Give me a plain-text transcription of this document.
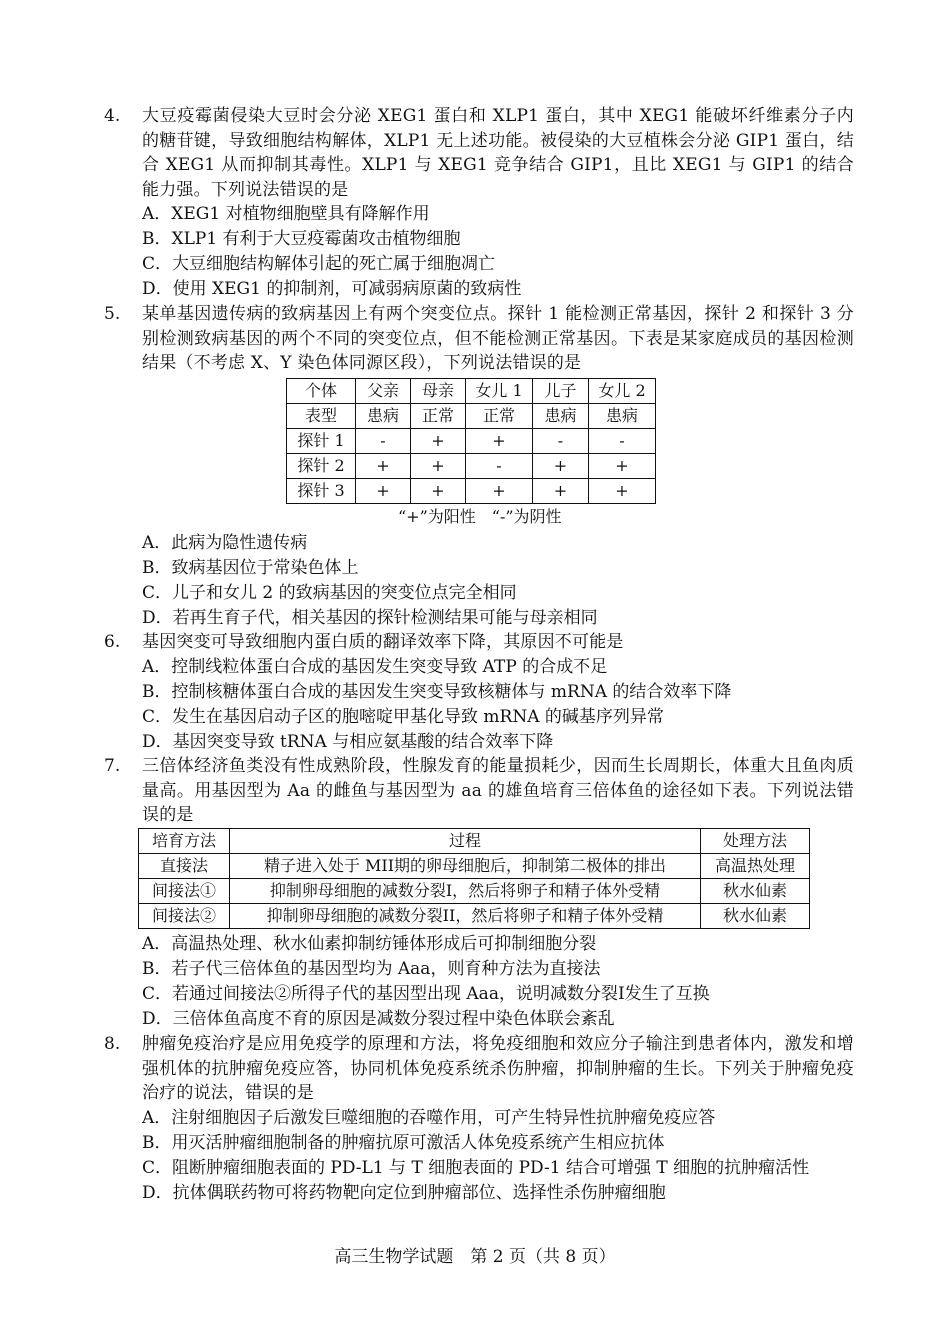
4. 大豆疫霉菌侵染大豆时会分泌 XEG1 蛋白和 XLP1 蛋白，其中 XEG1 能破坏纤维素分子内的糖苷键，导致细胞结构解体，XLP1 无上述功能。被侵染的大豆植株会分泌 GIP1 蛋白，结合 XEG1 从而抑制其毒性。XLP1 与 XEG1 竞争结合 GIP1，且比 XEG1 与 GIP1 的结合能力强。下列说法错误的是
A．XEG1 对植物细胞壁具有降解作用
B．XLP1 有利于大豆疫霉菌攻击植物细胞
C．大豆细胞结构解体引起的死亡属于细胞凋亡
D．使用 XEG1 的抑制剂，可减弱病原菌的致病性
5. 某单基因遗传病的致病基因上有两个突变位点。探针 1 能检测正常基因，探针 2 和探针 3 分别检测致病基因的两个不同的突变位点，但不能检测正常基因。下表是某家庭成员的基因检测结果（不考虑 X、Y 染色体同源区段），下列说法错误的是
个体	父亲	母亲	女儿 1	儿子	女儿 2
表型	患病	正常	正常	患病	患病
探针 1	-	+	+	-	-
探针 2	+	+	-	+	+
探针 3	+	+	+	+	+
“+”为阳性　“-”为阴性
A．此病为隐性遗传病
B．致病基因位于常染色体上
C．儿子和女儿 2 的致病基因的突变位点完全相同
D．若再生育子代，相关基因的探针检测结果可能与母亲相同
6. 基因突变可导致细胞内蛋白质的翻译效率下降，其原因不可能是
A．控制线粒体蛋白合成的基因发生突变导致 ATP 的合成不足
B．控制核糖体蛋白合成的基因发生突变导致核糖体与 mRNA 的结合效率下降
C．发生在基因启动子区的胞嘧啶甲基化导致 mRNA 的碱基序列异常
D．基因突变导致 tRNA 与相应氨基酸的结合效率下降
7. 三倍体经济鱼类没有性成熟阶段，性腺发育的能量损耗少，因而生长周期长，体重大且鱼肉质量高。用基因型为 Aa 的雌鱼与基因型为 aa 的雄鱼培育三倍体鱼的途径如下表。下列说法错误的是
培育方法	过程	处理方法
直接法	精子进入处于 MII期的卵母细胞后，抑制第二极体的排出	高温热处理
间接法①	抑制卵母细胞的减数分裂I，然后将卵子和精子体外受精	秋水仙素
间接法②	抑制卵母细胞的减数分裂II，然后将卵子和精子体外受精	秋水仙素
A．高温热处理、秋水仙素抑制纺锤体形成后可抑制细胞分裂
B．若子代三倍体鱼的基因型均为 Aaa，则育种方法为直接法
C．若通过间接法②所得子代的基因型出现 Aaa，说明减数分裂I发生了互换
D．三倍体鱼高度不育的原因是减数分裂过程中染色体联会紊乱
8. 肿瘤免疫治疗是应用免疫学的原理和方法，将免疫细胞和效应分子输注到患者体内，激发和增强机体的抗肿瘤免疫应答，协同机体免疫系统杀伤肿瘤，抑制肿瘤的生长。下列关于肿瘤免疫治疗的说法，错误的是
A．注射细胞因子后激发巨噬细胞的吞噬作用，可产生特异性抗肿瘤免疫应答
B．用灭活肿瘤细胞制备的肿瘤抗原可激活人体免疫系统产生相应抗体
C．阻断肿瘤细胞表面的 PD-L1 与 T 细胞表面的 PD-1 结合可增强 T 细胞的抗肿瘤活性
D．抗体偶联药物可将药物靶向定位到肿瘤部位、选择性杀伤肿瘤细胞
高三生物学试题　第 2 页（共 8 页）
